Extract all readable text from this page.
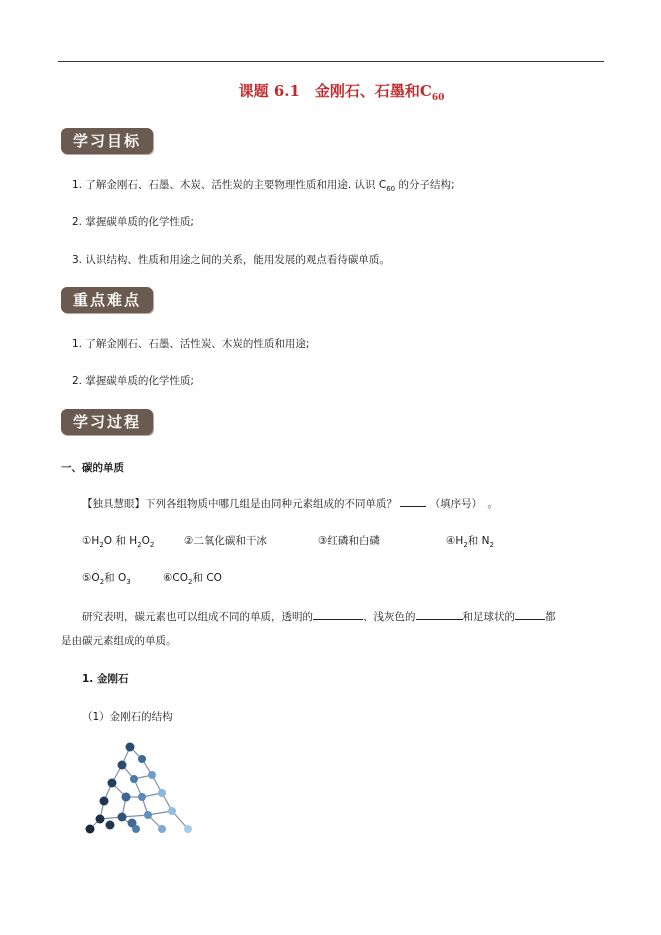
课题 6.1　金刚石、石墨和$C_{60}$
学习目标
1. 了解金刚石、石墨、木炭、活性炭的主要物理性质和用途. 认识 $C_{60}$ 的分子结构;
2. 掌握碳单质的化学性质;
3. 认识结构、性质和用途之间的关系，能用发展的观点看待碳单质。
重点难点
1. 了解金刚石、石墨、活性炭、木炭的性质和用途;
2. 掌握碳单质的化学性质;
学习过程
一、碳的单质
【独具慧眼】下列各组物质中哪几组是由同种元素组成的不同单质？	（填序号）　。
$①H_2O$ 和 $H_2O_2$	②二氧化碳和干冰	③红磷和白磷	$④H_2$和 $N_2$
$⑤O_2$和 $O_3$	$⑥CO_2$和 CO
研究表明，碳元素也可以组成不同的单质，透明的	、浅灰色的	和足球状的	都
是由碳元素组成的单质。
1. 金刚石
（1）金刚石的结构
